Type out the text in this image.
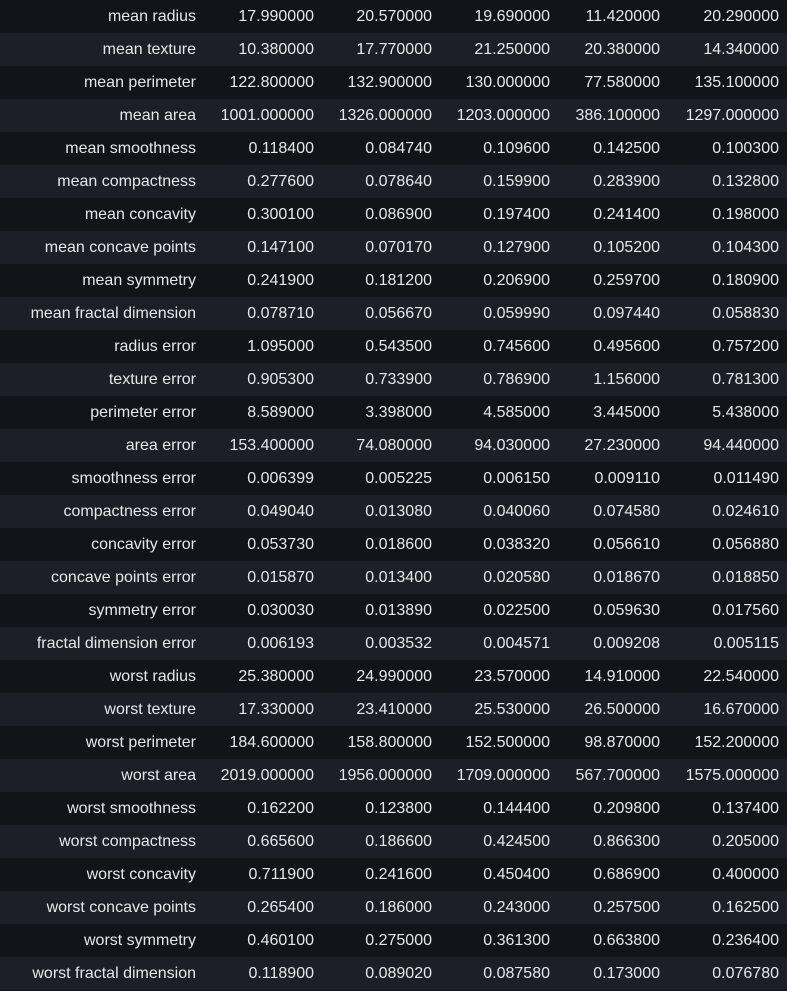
mean radius	17.990000	20.570000	19.690000	11.420000	20.290000
mean texture	10.380000	17.770000	21.250000	20.380000	14.340000
mean perimeter	122.800000	132.900000	130.000000	77.580000	135.100000
mean area	1001.000000	1326.000000	1203.000000	386.100000	1297.000000
mean smoothness	0.118400	0.084740	0.109600	0.142500	0.100300
mean compactness	0.277600	0.078640	0.159900	0.283900	0.132800
mean concavity	0.300100	0.086900	0.197400	0.241400	0.198000
mean concave points	0.147100	0.070170	0.127900	0.105200	0.104300
mean symmetry	0.241900	0.181200	0.206900	0.259700	0.180900
mean fractal dimension	0.078710	0.056670	0.059990	0.097440	0.058830
radius error	1.095000	0.543500	0.745600	0.495600	0.757200
texture error	0.905300	0.733900	0.786900	1.156000	0.781300
perimeter error	8.589000	3.398000	4.585000	3.445000	5.438000
area error	153.400000	74.080000	94.030000	27.230000	94.440000
smoothness error	0.006399	0.005225	0.006150	0.009110	0.011490
compactness error	0.049040	0.013080	0.040060	0.074580	0.024610
concavity error	0.053730	0.018600	0.038320	0.056610	0.056880
concave points error	0.015870	0.013400	0.020580	0.018670	0.018850
symmetry error	0.030030	0.013890	0.022500	0.059630	0.017560
fractal dimension error	0.006193	0.003532	0.004571	0.009208	0.005115
worst radius	25.380000	24.990000	23.570000	14.910000	22.540000
worst texture	17.330000	23.410000	25.530000	26.500000	16.670000
worst perimeter	184.600000	158.800000	152.500000	98.870000	152.200000
worst area	2019.000000	1956.000000	1709.000000	567.700000	1575.000000
worst smoothness	0.162200	0.123800	0.144400	0.209800	0.137400
worst compactness	0.665600	0.186600	0.424500	0.866300	0.205000
worst concavity	0.711900	0.241600	0.450400	0.686900	0.400000
worst concave points	0.265400	0.186000	0.243000	0.257500	0.162500
worst symmetry	0.460100	0.275000	0.361300	0.663800	0.236400
worst fractal dimension	0.118900	0.089020	0.087580	0.173000	0.076780
